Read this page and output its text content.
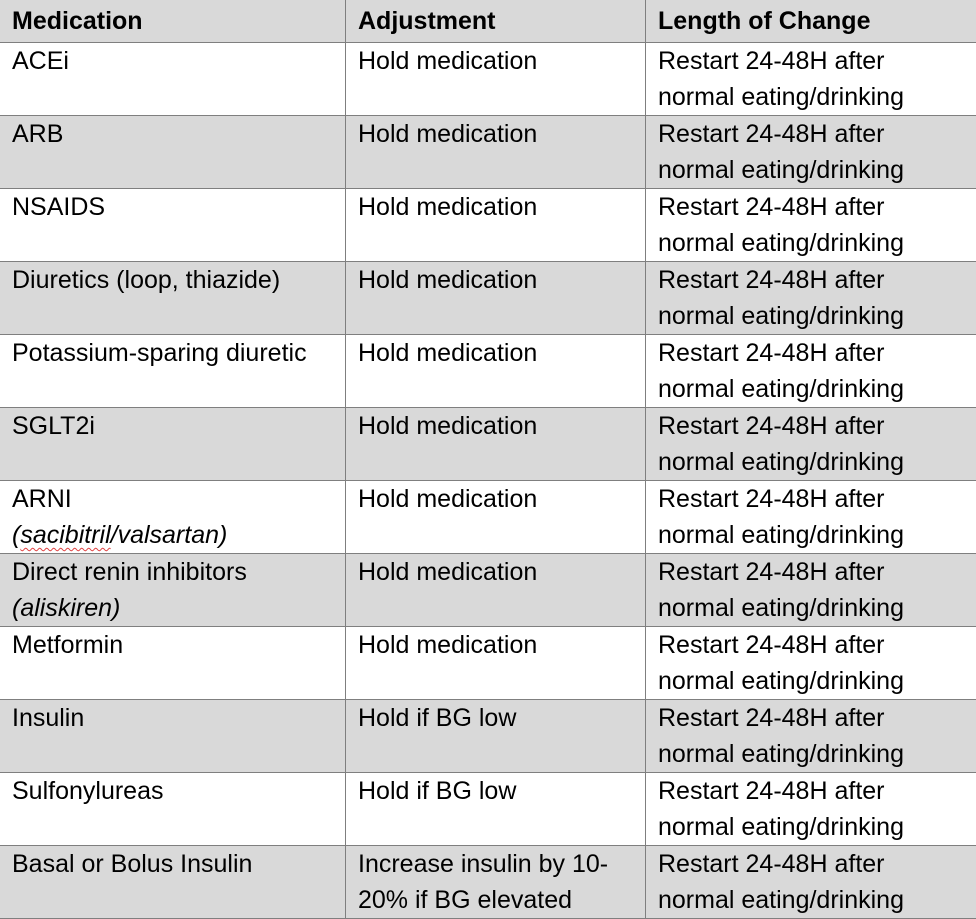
Medication	Adjustment	Length of Change

ACEi	Hold medication	Restart 24-48H after
normal eating/drinking

ARB	Hold medication	Restart 24-48H after
normal eating/drinking

NSAIDS	Hold medication	Restart 24-48H after
normal eating/drinking

Diuretics (loop, thiazide)	Hold medication	Restart 24-48H after
normal eating/drinking

Potassium-sparing diuretic	Hold medication	Restart 24-48H after
normal eating/drinking

SGLT2i	Hold medication	Restart 24-48H after
normal eating/drinking

ARNI
(sacibitril/valsartan)	Hold medication	Restart 24-48H after
normal eating/drinking

Direct renin inhibitors
(aliskiren)	Hold medication	Restart 24-48H after
normal eating/drinking

Metformin	Hold medication	Restart 24-48H after
normal eating/drinking

Insulin	Hold if BG low	Restart 24-48H after
normal eating/drinking

Sulfonylureas	Hold if BG low	Restart 24-48H after
normal eating/drinking

Basal or Bolus Insulin	Increase insulin by 10-
20% if BG elevated	Restart 24-48H after
normal eating/drinking
